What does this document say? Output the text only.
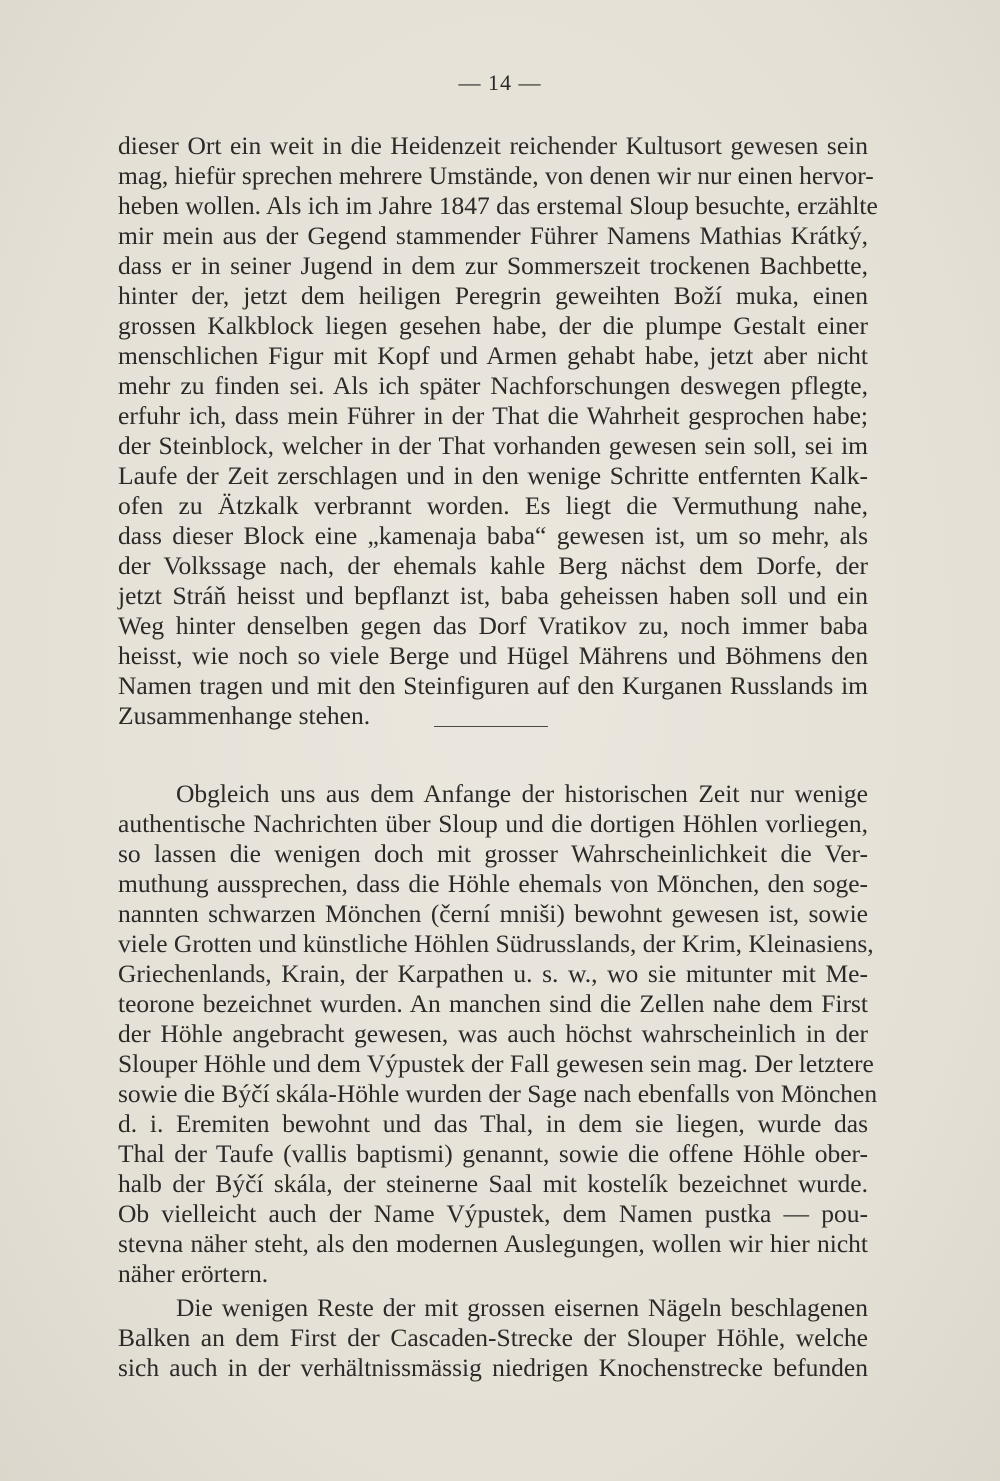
— 14 —
dieser Ort ein weit in die Heidenzeit reichender Kultusort gewesen sein
mag, hiefür sprechen mehrere Umstände, von denen wir nur einen hervor-
heben wollen. Als ich im Jahre 1847 das erstemal Sloup besuchte, erzählte
mir mein aus der Gegend stammender Führer Namens Mathias Krátký,
dass er in seiner Jugend in dem zur Sommerszeit trockenen Bachbette,
hinter der, jetzt dem heiligen Peregrin geweihten Boží muka, einen
grossen Kalkblock liegen gesehen habe, der die plumpe Gestalt einer
menschlichen Figur mit Kopf und Armen gehabt habe, jetzt aber nicht
mehr zu finden sei. Als ich später Nachforschungen deswegen pflegte,
erfuhr ich, dass mein Führer in der That die Wahrheit gesprochen habe;
der Steinblock, welcher in der That vorhanden gewesen sein soll, sei im
Laufe der Zeit zerschlagen und in den wenige Schritte entfernten Kalk-
ofen zu Ätzkalk verbrannt worden. Es liegt die Vermuthung nahe,
dass dieser Block eine „kamenaja baba“ gewesen ist, um so mehr, als
der Volkssage nach, der ehemals kahle Berg nächst dem Dorfe, der
jetzt Stráň heisst und bepflanzt ist, baba geheissen haben soll und ein
Weg hinter denselben gegen das Dorf Vratikov zu, noch immer baba
heisst, wie noch so viele Berge und Hügel Mährens und Böhmens den
Namen tragen und mit den Steinfiguren auf den Kurganen Russlands im
Zusammenhange stehen.
Obgleich uns aus dem Anfange der historischen Zeit nur wenige
authentische Nachrichten über Sloup und die dortigen Höhlen vorliegen,
so lassen die wenigen doch mit grosser Wahrscheinlichkeit die Ver-
muthung aussprechen, dass die Höhle ehemals von Mönchen, den soge-
nannten schwarzen Mönchen (černí mniši) bewohnt gewesen ist, sowie
viele Grotten und künstliche Höhlen Südrusslands, der Krim, Kleinasiens,
Griechenlands, Krain, der Karpathen u. s. w., wo sie mitunter mit Me-
teorone bezeichnet wurden. An manchen sind die Zellen nahe dem First
der Höhle angebracht gewesen, was auch höchst wahrscheinlich in der
Slouper Höhle und dem Výpustek der Fall gewesen sein mag. Der letztere
sowie die Býčí skála-Höhle wurden der Sage nach ebenfalls von Mönchen
d. i. Eremiten bewohnt und das Thal, in dem sie liegen, wurde das
Thal der Taufe (vallis baptismi) genannt, sowie die offene Höhle ober-
halb der Býčí skála, der steinerne Saal mit kostelík bezeichnet wurde.
Ob vielleicht auch der Name Výpustek, dem Namen pustka — pou-
stevna näher steht, als den modernen Auslegungen, wollen wir hier nicht
näher erörtern.
Die wenigen Reste der mit grossen eisernen Nägeln beschlagenen
Balken an dem First der Cascaden-Strecke der Slouper Höhle, welche
sich auch in der verhältnissmässig niedrigen Knochenstrecke befunden
